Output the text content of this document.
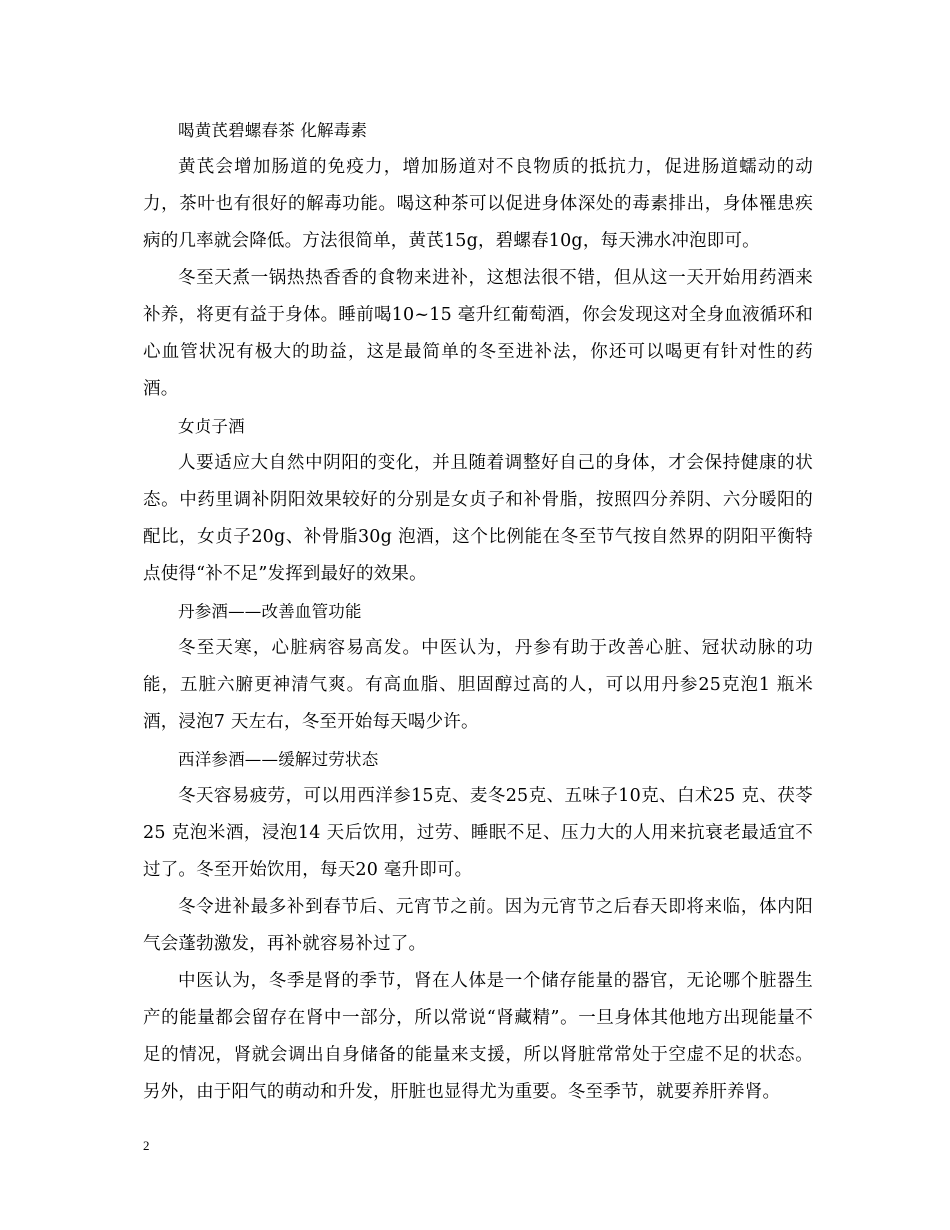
喝黄芪碧螺春茶 化解毒素

黄芪会增加肠道的免疫力，增加肠道对不良物质的抵抗力，促进肠道蠕动的动力，茶叶也有很好的解毒功能。喝这种茶可以促进身体深处的毒素排出，身体罹患疾病的几率就会降低。方法很简单，黄芪15g，碧螺春10g，每天沸水冲泡即可。

冬至天煮一锅热热香香的食物来进补，这想法很不错，但从这一天开始用药酒来补养，将更有益于身体。睡前喝10~15 毫升红葡萄酒，你会发现这对全身血液循环和心血管状况有极大的助益，这是最简单的冬至进补法，你还可以喝更有针对性的药酒。

女贞子酒

人要适应大自然中阴阳的变化，并且随着调整好自己的身体，才会保持健康的状态。中药里调补阴阳效果较好的分别是女贞子和补骨脂，按照四分养阴、六分暖阳的配比，女贞子20g、补骨脂30g 泡酒，这个比例能在冬至节气按自然界的阴阳平衡特点使得“补不足”发挥到最好的效果。

丹参酒——改善血管功能

冬至天寒，心脏病容易高发。中医认为，丹参有助于改善心脏、冠状动脉的功能，五脏六腑更神清气爽。有高血脂、胆固醇过高的人，可以用丹参25克泡1 瓶米酒，浸泡7 天左右，冬至开始每天喝少许。

西洋参酒——缓解过劳状态

冬天容易疲劳，可以用西洋参15克、麦冬25克、五味子10克、白术25 克、茯苓25 克泡米酒，浸泡14 天后饮用，过劳、睡眠不足、压力大的人用来抗衰老最适宜不过了。冬至开始饮用，每天20 毫升即可。

冬令进补最多补到春节后、元宵节之前。因为元宵节之后春天即将来临，体内阳气会蓬勃激发，再补就容易补过了。

中医认为，冬季是肾的季节，肾在人体是一个储存能量的器官，无论哪个脏器生产的能量都会留存在肾中一部分，所以常说“肾藏精”。一旦身体其他地方出现能量不足的情况，肾就会调出自身储备的能量来支援，所以肾脏常常处于空虚不足的状态。另外，由于阳气的萌动和升发，肝脏也显得尤为重要。冬至季节，就要养肝养肾。

2
